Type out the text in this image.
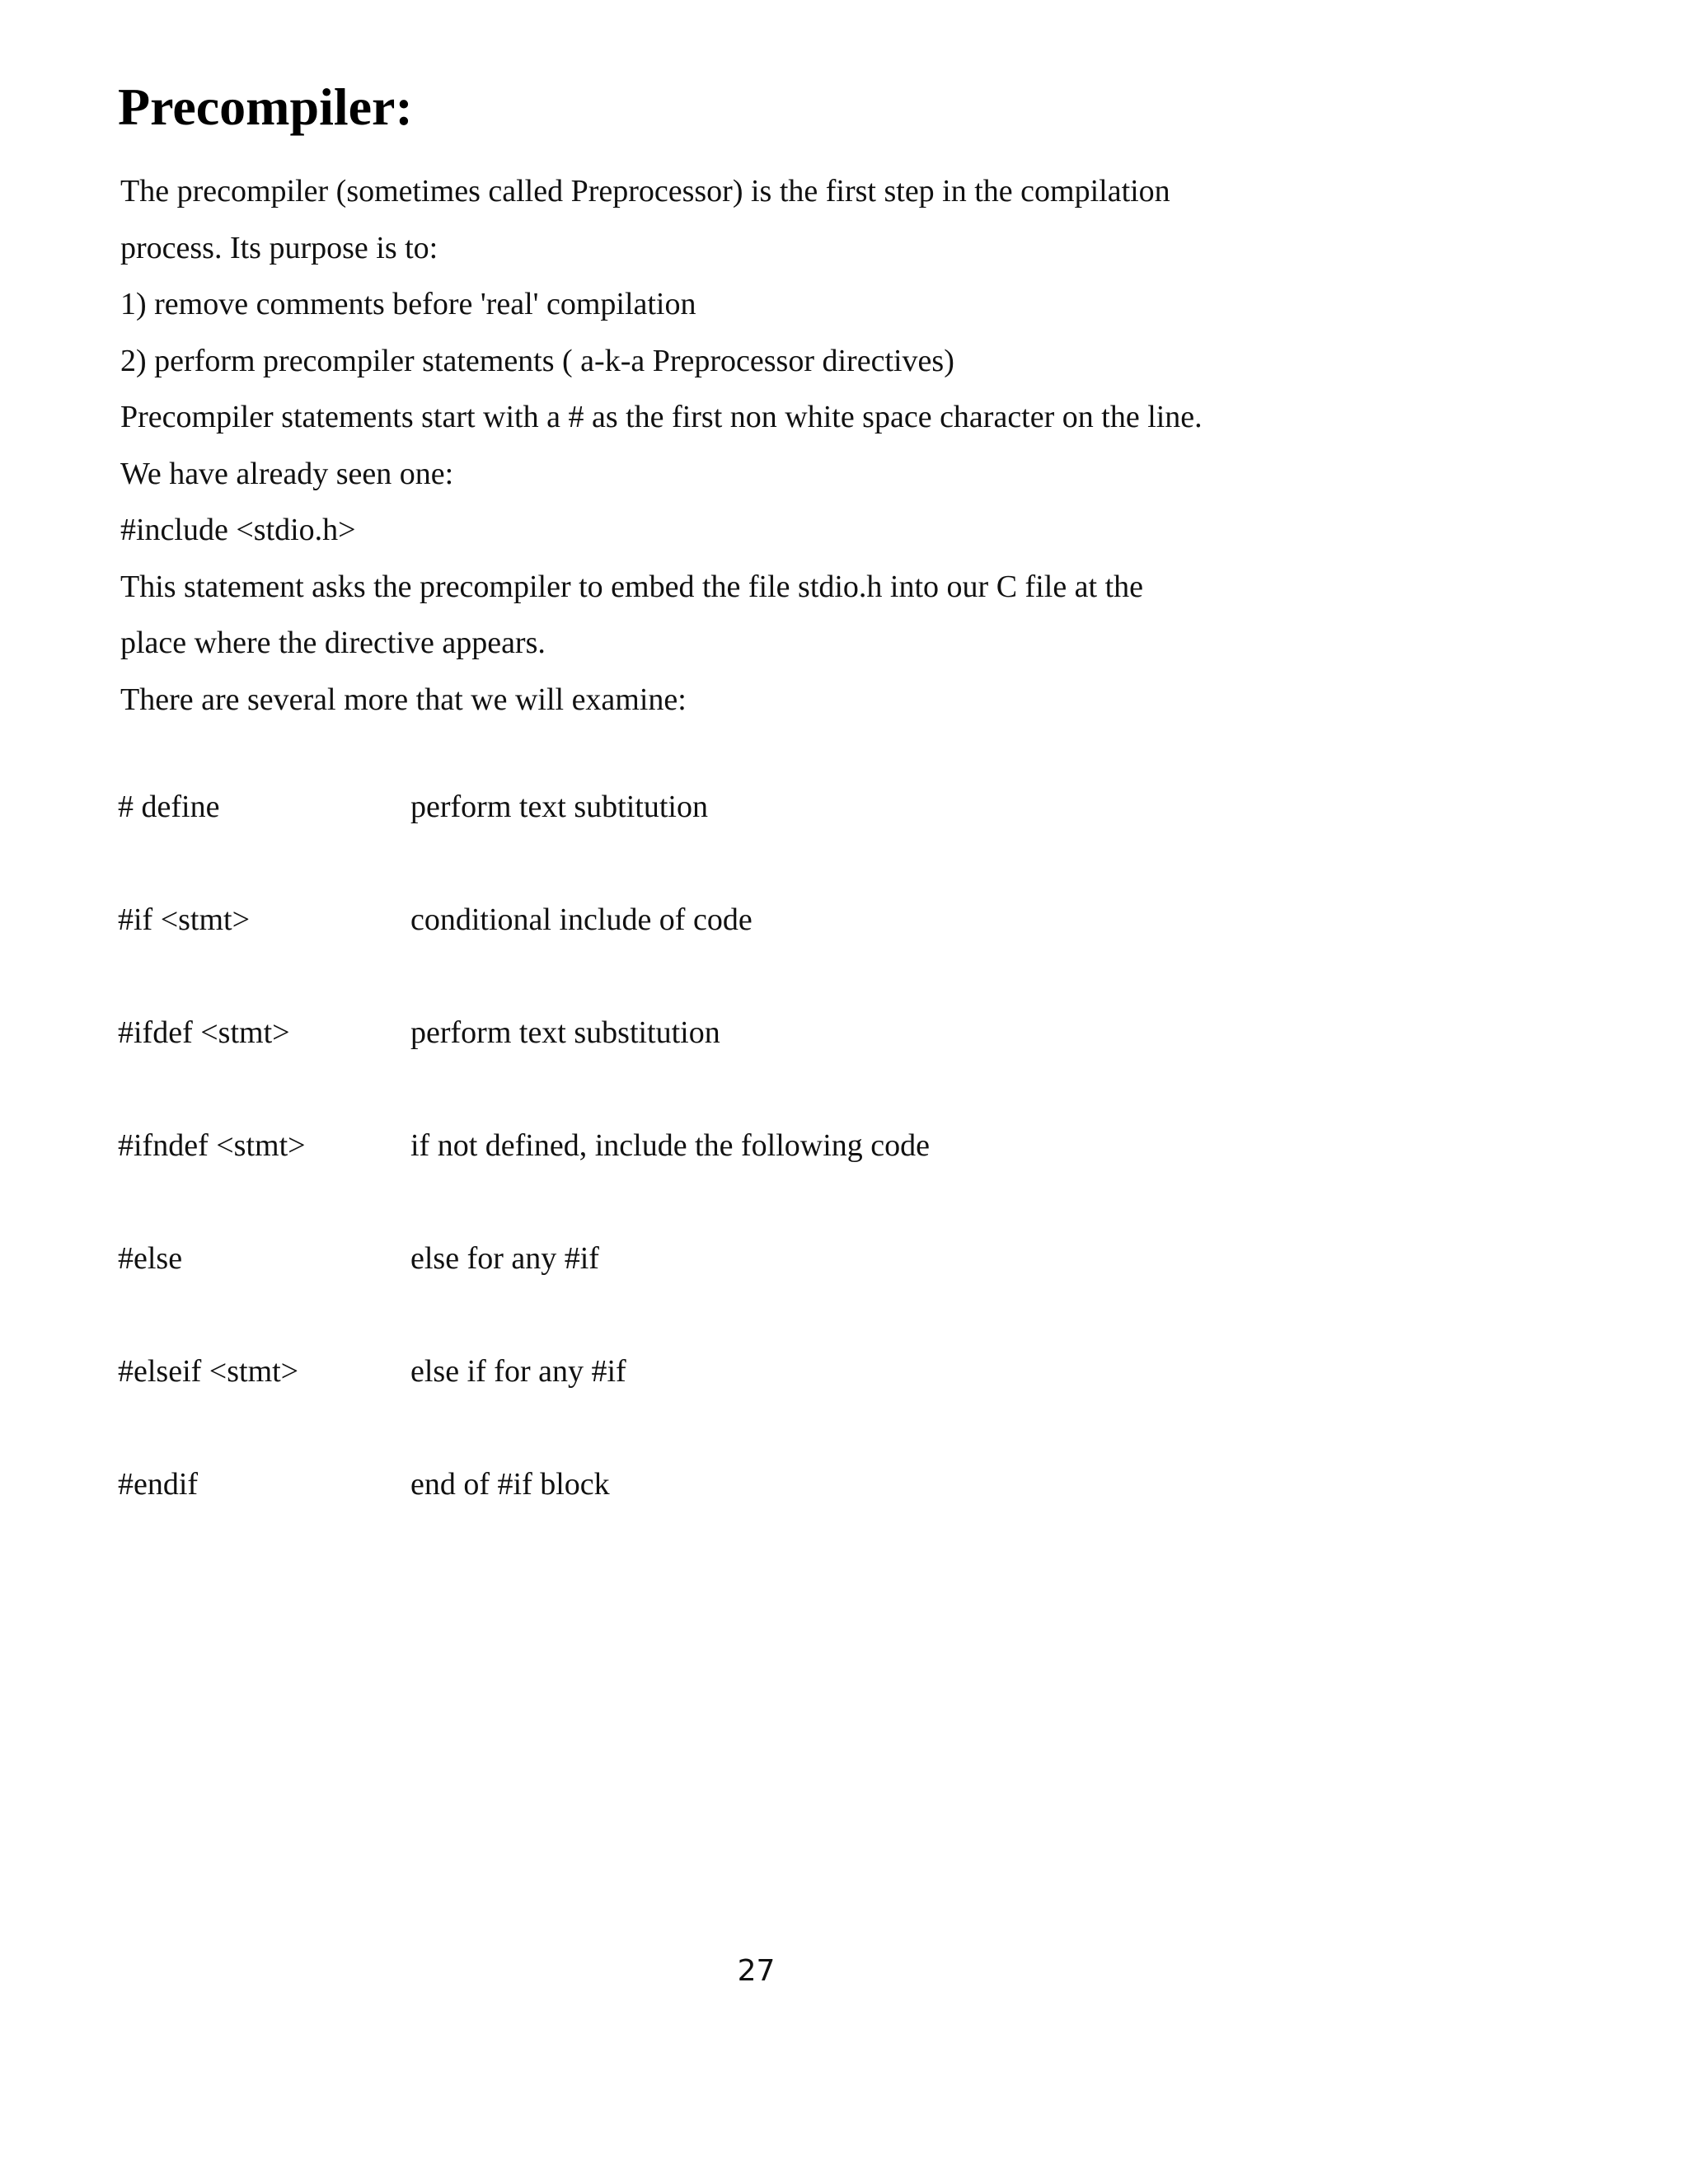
Precompiler:
The precompiler (sometimes called Preprocessor) is the first step in the compilation
process. Its purpose is to:
1) remove comments before 'real' compilation
2) perform precompiler statements ( a-k-a Preprocessor directives)
Precompiler statements start with a # as the first non white space character on the line.
We have already seen one:
#include <stdio.h>
This statement asks the precompiler to embed the file stdio.h into our C file at the
place where the directive appears.
There are several more that we will examine:
# define	perform text subtitution
#if <stmt>	conditional include of code
#ifdef <stmt>	perform text substitution
#ifndef <stmt>	if not defined, include the following code
#else	else for any #if
#elseif <stmt>	else if for any #if
#endif	end of #if block
27
